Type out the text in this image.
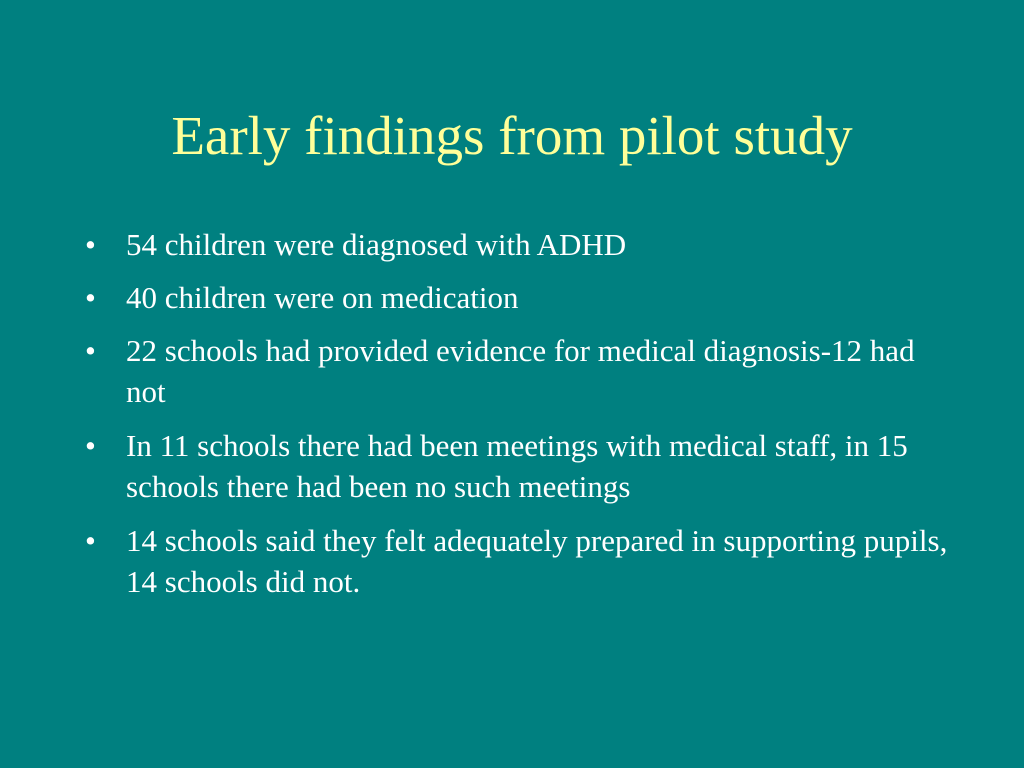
Early findings from pilot study
• 54 children were diagnosed with ADHD
• 40 children were on medication
• 22 schools had provided evidence for medical diagnosis-12 had not
• In 11 schools there had been meetings with medical staff, in 15 schools there had been no such meetings
• 14 schools said they felt adequately prepared in supporting pupils, 14 schools did not.
